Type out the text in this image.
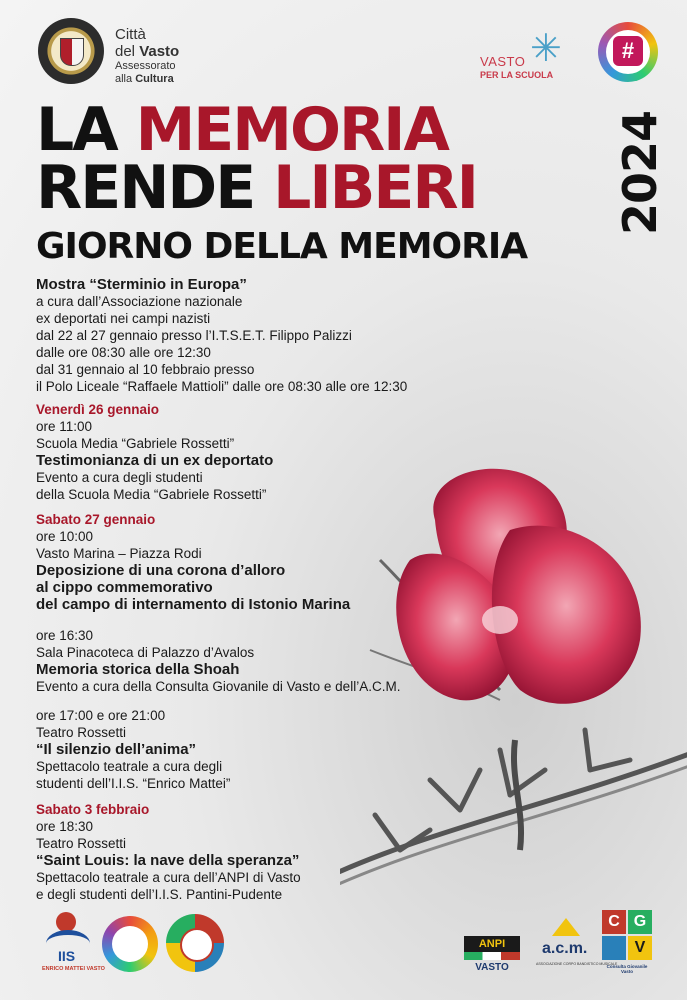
Città
del Vasto
Assessorato
alla Cultura
✳
VASTO
PER LA SCUOLA
#
LA MEMORIA
RENDE LIBERI	2024
GIORNO DELLA MEMORIA
Mostra “Sterminio in Europa”
a cura dall’Associazione nazionale
ex deportati nei campi nazisti
dal 22 al 27 gennaio presso l’I.T.S.E.T. Filippo Palizzi
dalle ore 08:30 alle ore 12:30
dal 31 gennaio al 10 febbraio presso
il Polo Liceale “Raffaele Mattioli” dalle ore 08:30 alle ore 12:30
Venerdì 26 gennaio
ore 11:00
Scuola Media “Gabriele Rossetti”
Testimonianza di un ex deportato
Evento a cura degli studenti
della Scuola Media “Gabriele Rossetti”
Sabato 27 gennaio
ore 10:00
Vasto Marina – Piazza Rodi
Deposizione di una corona d’alloro
al cippo commemorativo
del campo di internamento di Istonio Marina
ore 16:30
Sala Pinacoteca di Palazzo d’Avalos
Memoria storica della Shoah
Evento a cura della Consulta Giovanile di Vasto e dell’A.C.M.
ore 17:00 e ore 21:00
Teatro Rossetti
“Il silenzio dell’anima”
Spettacolo teatrale a cura degli
studenti dell’I.I.S. “Enrico Mattei”
Sabato 3 febbraio
ore 18:30
Teatro Rossetti
“Saint Louis: la nave della speranza”
Spettacolo teatrale a cura dell’ANPI di Vasto
e degli studenti dell’I.I.S. Pantini-Pudente
IIS
ENRICO MATTEI VASTO
ANPI
VASTO
a.c.m.
ASSOCIAZIONE CORPO BANDISTICO MUSICALE
C G
V
Consulta Giovanile Vasto
